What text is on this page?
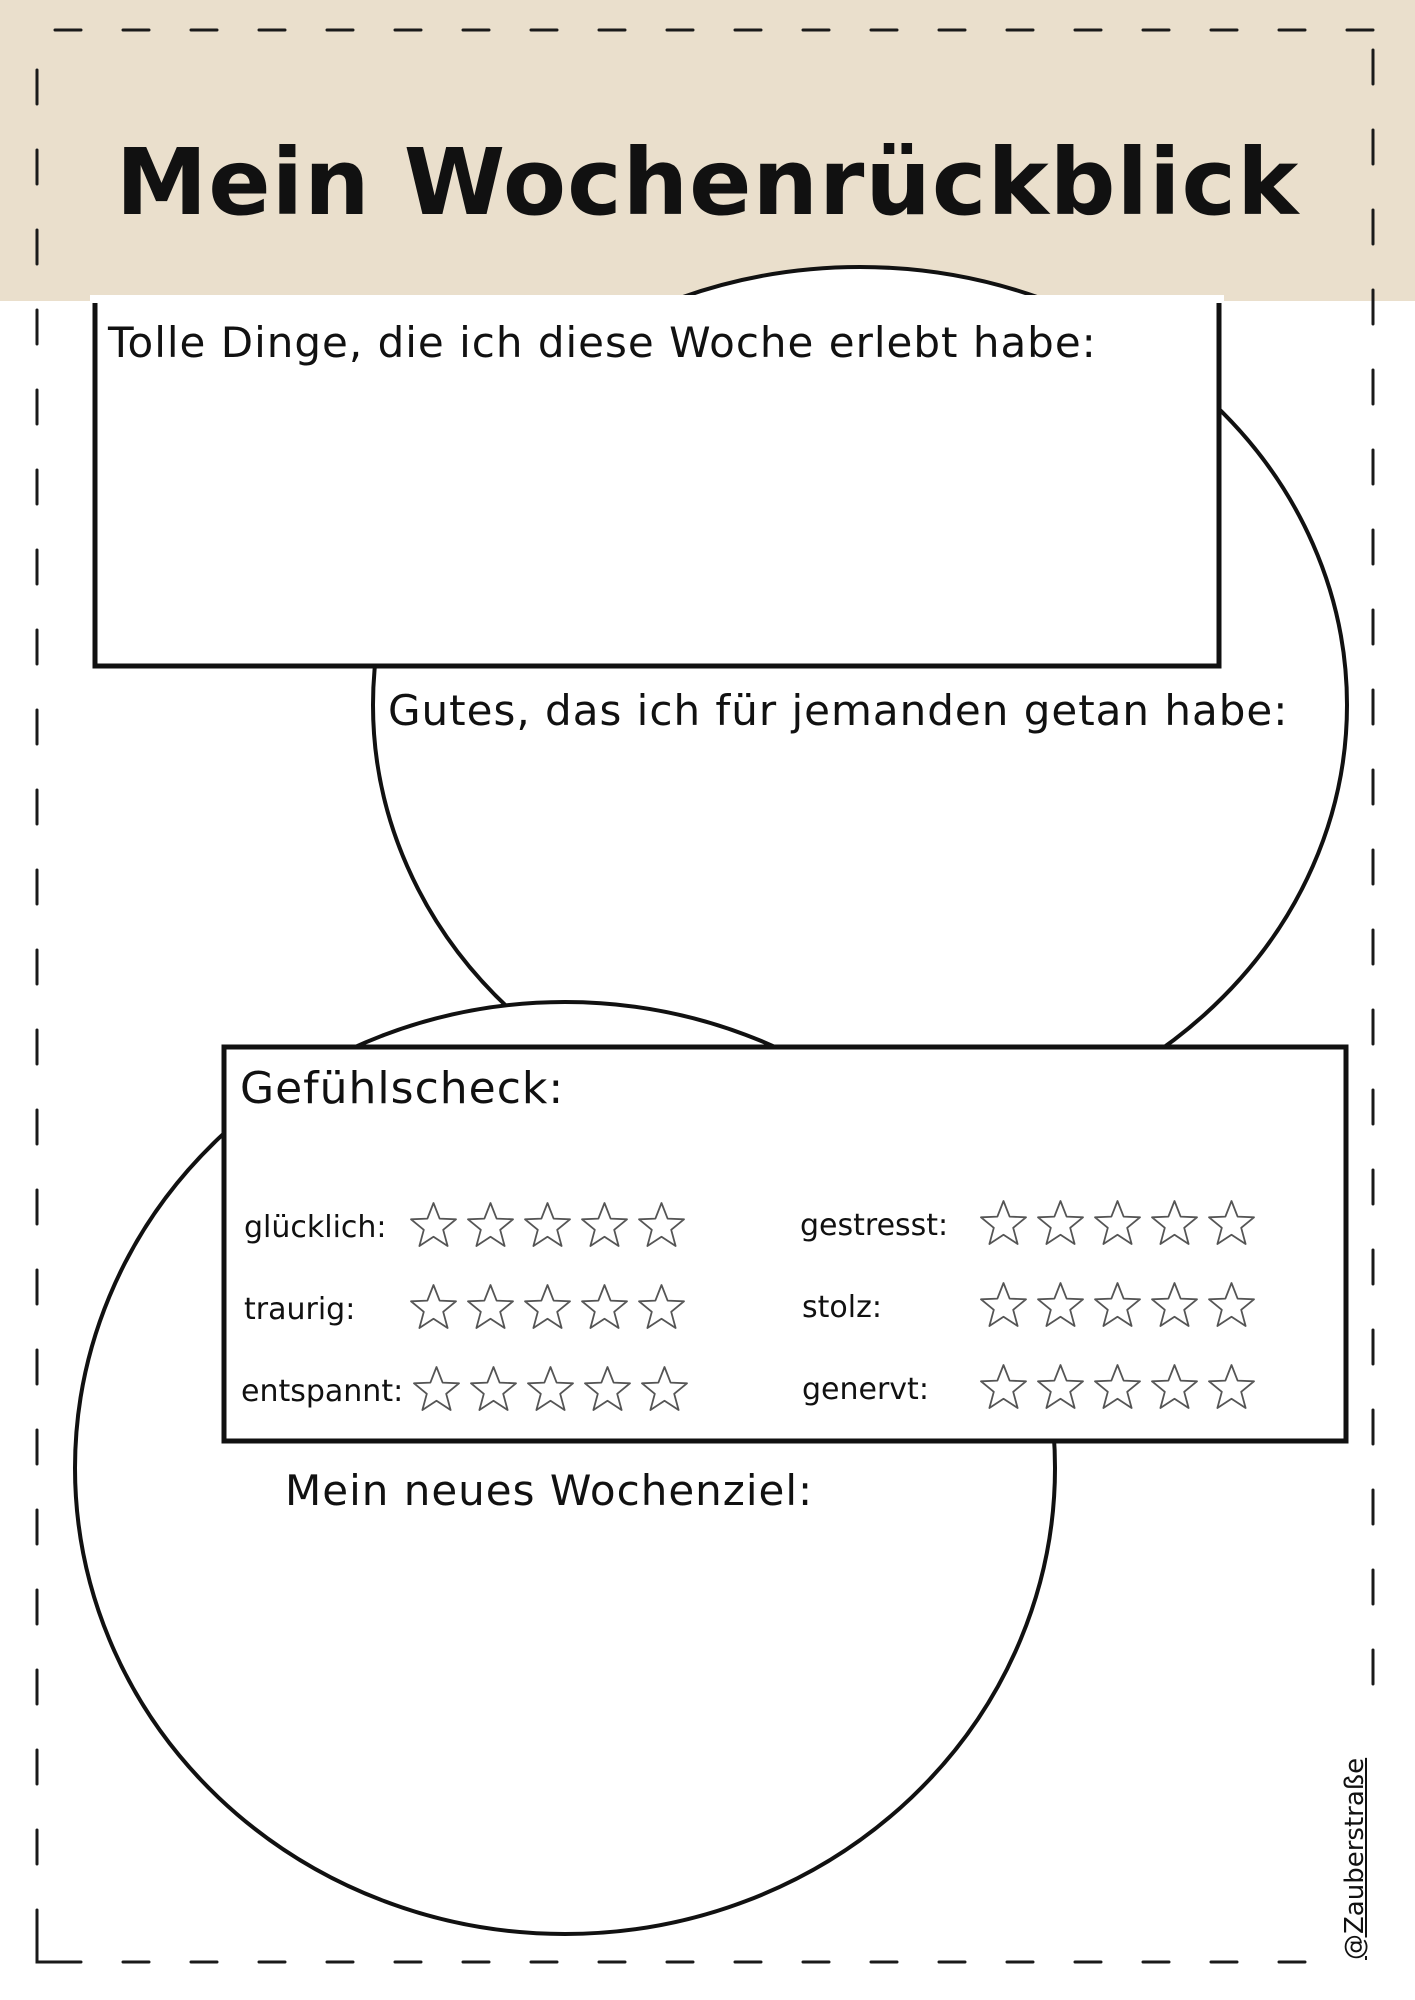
Mein Wochenrückblick
Tolle Dinge, die ich diese Woche erlebt habe:
Gutes, das ich für jemanden getan habe:
Gefühlscheck:
Mein neues Wochenziel:
glücklich:
traurig:
entspannt:
gestresst:
stolz:
genervt:
@Zauberstraße
